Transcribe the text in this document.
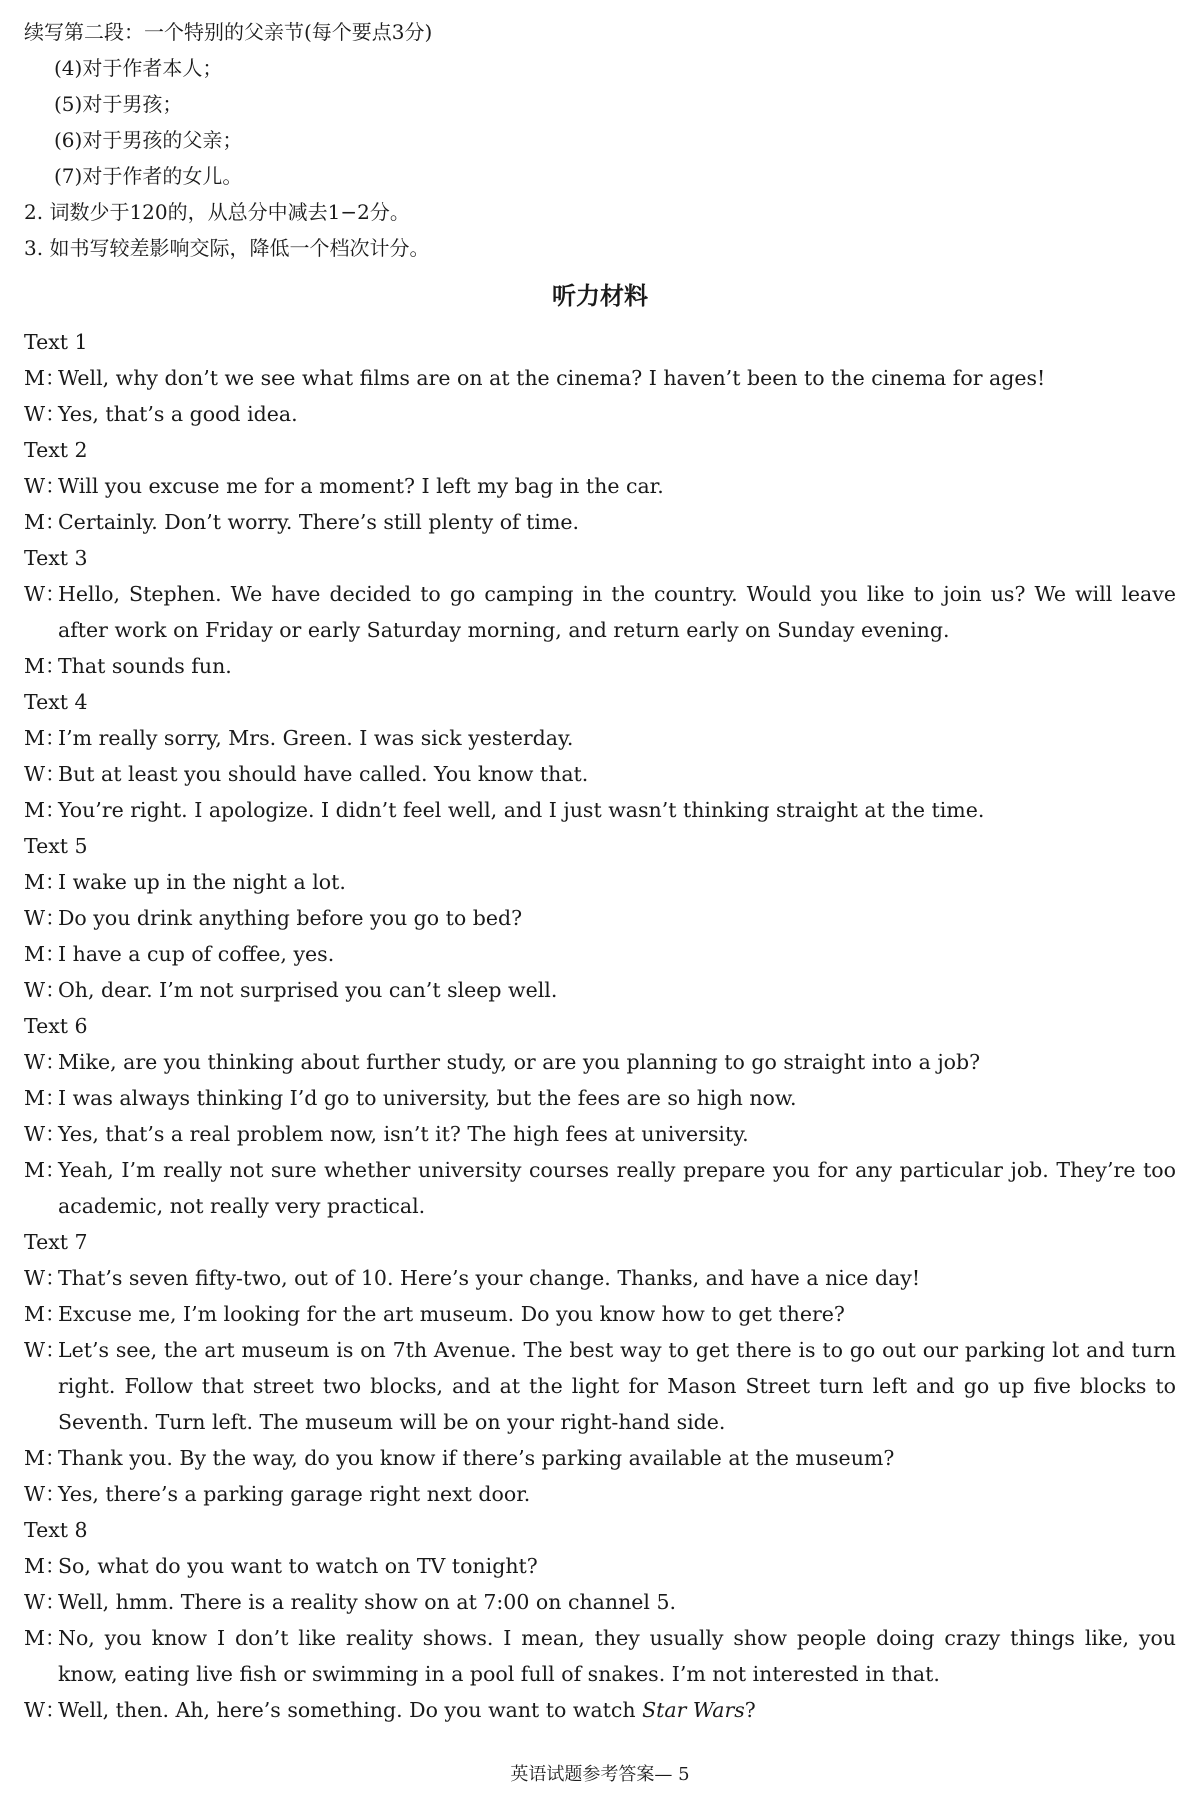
续写第二段：一个特别的父亲节(每个要点3分)
(4)对于作者本人；
(5)对于男孩；
(6)对于男孩的父亲；
(7)对于作者的女儿。
2. 词数少于120的，从总分中减去1−2分。
3. 如书写较差影响交际，降低一个档次计分。
听力材料
Text 1
M：
Well, why don’t we see what films are on at the cinema? I haven’t been to the cinema for ages!
W：
Yes, that’s a good idea.
Text 2
W：
Will you excuse me for a moment? I left my bag in the car.
M：
Certainly. Don’t worry. There’s still plenty of time.
Text 3
W：
Hello, Stephen. We have decided to go camping in the country. Would you like to join us? We will leave after work on Friday or early Saturday morning, and return early on Sunday evening.
M：
That sounds fun.
Text 4
M：
I’m really sorry, Mrs. Green. I was sick yesterday.
W：
But at least you should have called. You know that.
M：
You’re right. I apologize. I didn’t feel well, and I just wasn’t thinking straight at the time.
Text 5
M：
I wake up in the night a lot.
W：
Do you drink anything before you go to bed?
M：
I have a cup of coffee, yes.
W：
Oh, dear. I’m not surprised you can’t sleep well.
Text 6
W：
Mike, are you thinking about further study, or are you planning to go straight into a job?
M：
I was always thinking I’d go to university, but the fees are so high now.
W：
Yes, that’s a real problem now, isn’t it? The high fees at university.
M：
Yeah, I’m really not sure whether university courses really prepare you for any particular job. They’re too academic, not really very practical.
Text 7
W：
That’s seven fifty-two, out of 10. Here’s your change. Thanks, and have a nice day!
M：
Excuse me, I’m looking for the art museum. Do you know how to get there?
W：
Let’s see, the art museum is on 7th Avenue. The best way to get there is to go out our parking lot and turn right. Follow that street two blocks, and at the light for Mason Street turn left and go up five blocks to Seventh. Turn left. The museum will be on your right-hand side.
M：
Thank you. By the way, do you know if there’s parking available at the museum?
W：
Yes, there’s a parking garage right next door.
Text 8
M：
So, what do you want to watch on TV tonight?
W：
Well, hmm. There is a reality show on at 7:00 on channel 5.
M：
No, you know I don’t like reality shows. I mean, they usually show people doing crazy things like, you know, eating live fish or swimming in a pool full of snakes. I’m not interested in that.
W：
Well, then. Ah, here’s something. Do you want to watch Star Wars?
英语试题参考答案— 5
